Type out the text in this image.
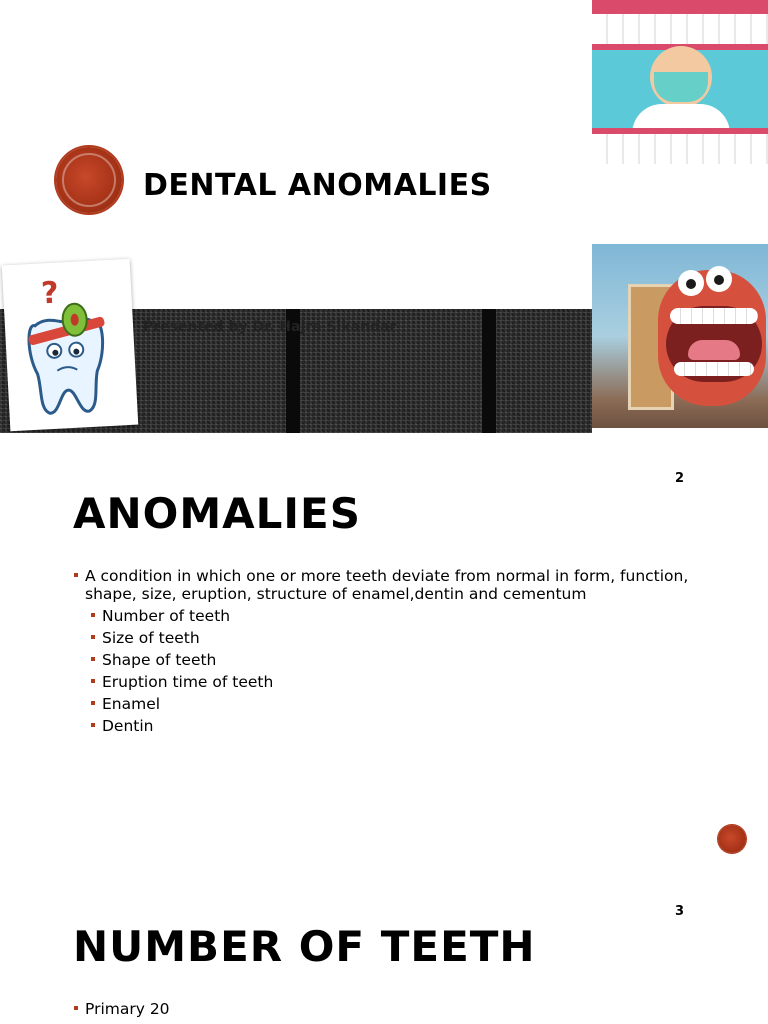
DENTAL ANOMALIES
Presented by Dr. Hajra Sikandar
?
2
ANOMALIES
A condition in which one or more teeth deviate from normal in form, function, shape, size, eruption, structure of enamel,dentin and cementum
Number of teeth
Size of teeth
Shape of teeth
Eruption time of teeth
Enamel
Dentin
3
NUMBER OF TEETH
Primary 20
